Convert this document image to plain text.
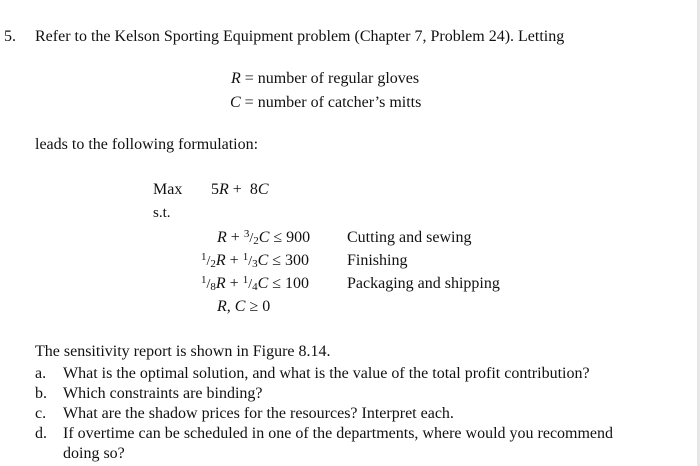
5. Refer to the Kelson Sporting Equipment problem (Chapter 7, Problem 24). Letting
R = number of regular gloves
C = number of catcher’s mitts
leads to the following formulation:
Max 5R +  8C
s.t.
R + 3/2C ≤ 900 Cutting and sewing
1/2R + 1/3C ≤ 300 Finishing
1/8R + 1/4C ≤ 100 Packaging and shipping
R, C ≥ 0
The sensitivity report is shown in Figure 8.14.
a. What is the optimal solution, and what is the value of the total profit contribution?
b. Which constraints are binding?
c. What are the shadow prices for the resources? Interpret each.
d. If overtime can be scheduled in one of the departments, where would you recommend
doing so?
